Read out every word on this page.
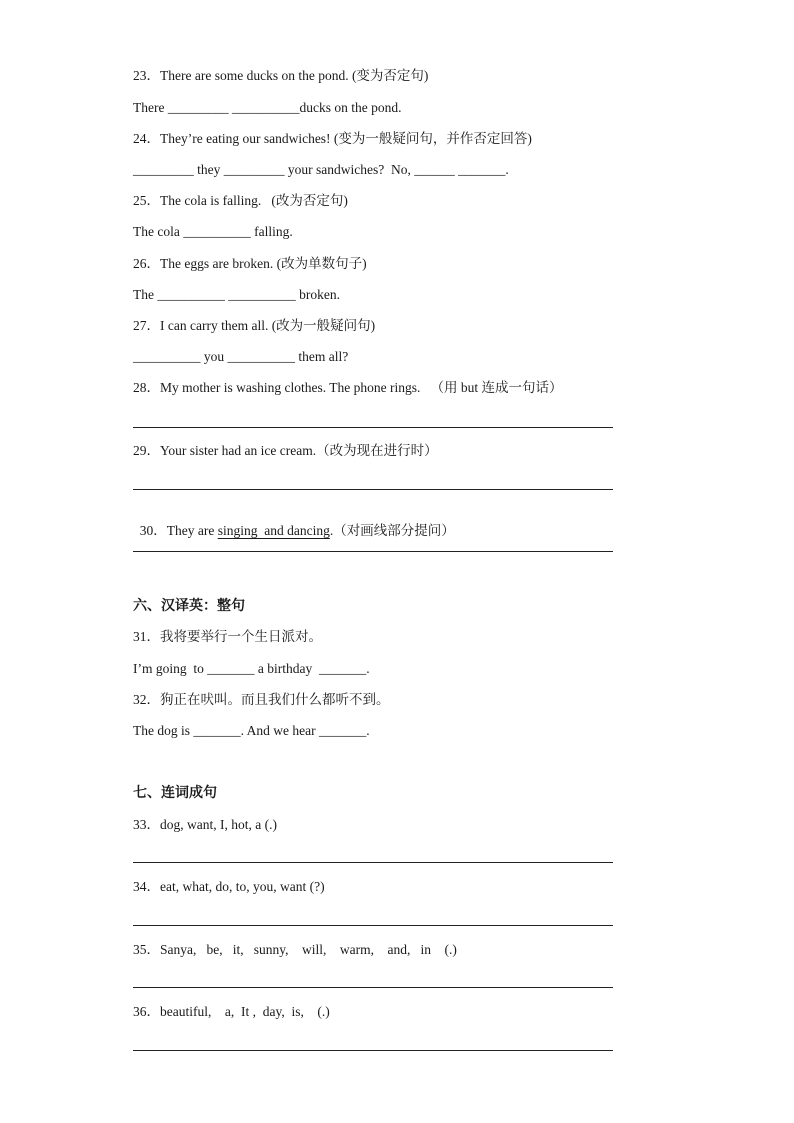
23．There are some ducks on the pond. (变为否定句)
There _________ __________ducks on the pond.
24．They’re eating our sandwiches! (变为一般疑问句，并作否定回答)
_________ they _________ your sandwiches?  No, ______ _______.
25．The cola is falling.   (改为否定句)
The cola __________ falling.
26．The eggs are broken. (改为单数句子)
The __________ __________ broken.
27．I can carry them all. (改为一般疑问句)
__________ you __________ them all?
28．My mother is washing clothes. The phone rings.   （用 but 连成一句话）
29．Your sister had an ice cream.（改为现在进行时）

30．They are singing  and dancing.（对画线部分提问）

六、汉译英：整句
31．我将要举行一个生日派对。
I’m going  to _______ a birthday  _______.
32．狗正在吠叫。而且我们什么都听不到。
The dog is _______. And we hear _______.
七、连词成句
33．dog, want, I, hot, a (.)
34．eat, what, do, to, you, want (?)
35．Sanya,   be,   it,   sunny,    will,    warm,    and,   in    (.)
36．beautiful,    a,  It ,  day,  is,    (.)
